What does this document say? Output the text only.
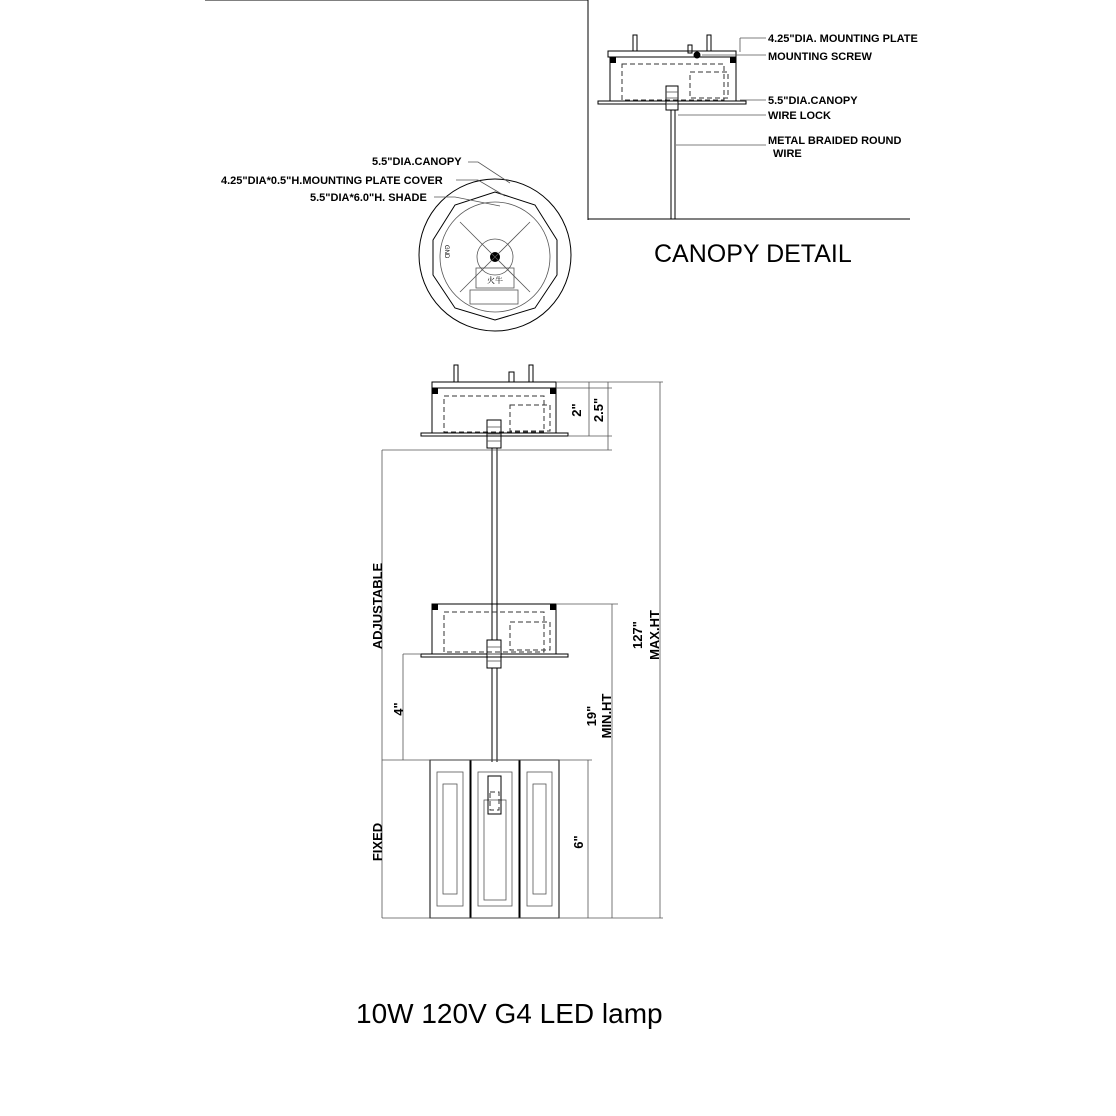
4.25"DIA. MOUNTING PLATE
MOUNTING SCREW
5.5"DIA.CANOPY
WIRE LOCK
METAL BRAIDED ROUND
WIRE
CANOPY DETAIL
火牛
GND
5.5"DIA.CANOPY
4.25"DIA*0.5"H.MOUNTING PLATE COVER
5.5"DIA*6.0"H. SHADE
2" 2.5"
ADJUSTABLE
4"	19" MIN.HT
127" MAX.HT
FIXED	6"
10W 120V G4 LED lamp
